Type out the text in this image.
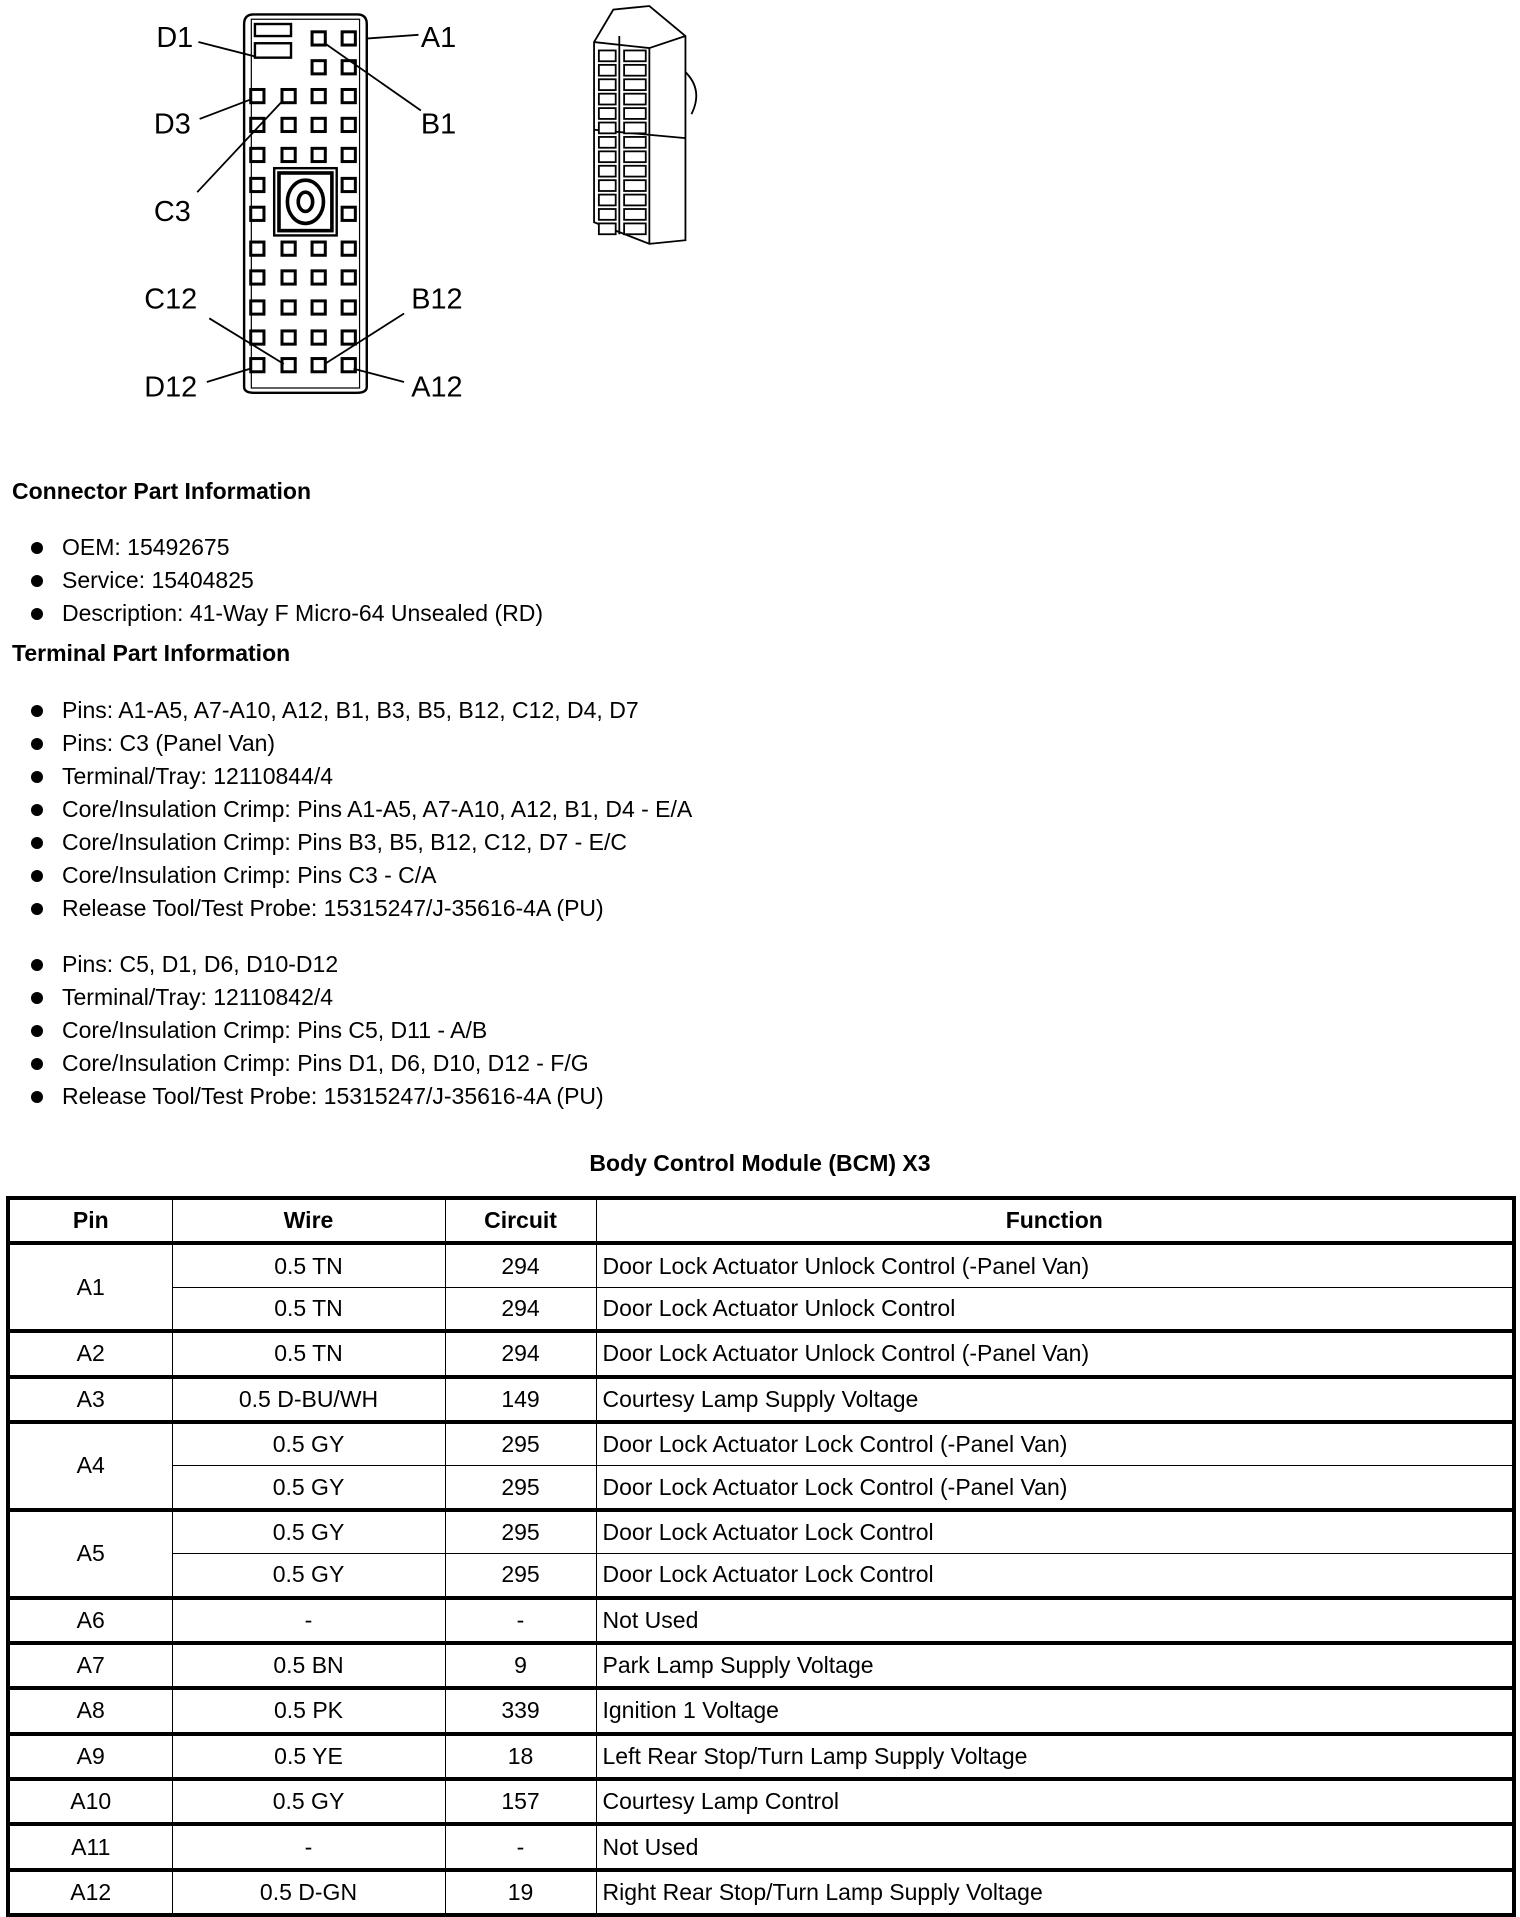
D1	A1
D3	B1
C3
C12	B12
D12	A12
Connector Part Information
OEM: 15492675
Service: 15404825
Description: 41-Way F Micro-64 Unsealed (RD)
Terminal Part Information
Pins: A1-A5, A7-A10, A12, B1, B3, B5, B12, C12, D4, D7
Pins: C3 (Panel Van)
Terminal/Tray: 12110844/4
Core/Insulation Crimp: Pins A1-A5, A7-A10, A12, B1, D4 - E/A
Core/Insulation Crimp: Pins B3, B5, B12, C12, D7 - E/C
Core/Insulation Crimp: Pins C3 - C/A
Release Tool/Test Probe: 15315247/J-35616-4A (PU)
Pins: C5, D1, D6, D10-D12
Terminal/Tray: 12110842/4
Core/Insulation Crimp: Pins C5, D11 - A/B
Core/Insulation Crimp: Pins D1, D6, D10, D12 - F/G
Release Tool/Test Probe: 15315247/J-35616-4A (PU)
Body Control Module (BCM) X3
Pin	Wire	Circuit	Function
A1	0.5 TN	294	Door Lock Actuator Unlock Control (-Panel Van)
	0.5 TN	294	Door Lock Actuator Unlock Control
A2	0.5 TN	294	Door Lock Actuator Unlock Control (-Panel Van)
A3	0.5 D-BU/WH	149	Courtesy Lamp Supply Voltage
A4	0.5 GY	295	Door Lock Actuator Lock Control (-Panel Van)
	0.5 GY	295	Door Lock Actuator Lock Control (-Panel Van)
A5	0.5 GY	295	Door Lock Actuator Lock Control
	0.5 GY	295	Door Lock Actuator Lock Control
A6	-	-	Not Used
A7	0.5 BN	9	Park Lamp Supply Voltage
A8	0.5 PK	339	Ignition 1 Voltage
A9	0.5 YE	18	Left Rear Stop/Turn Lamp Supply Voltage
A10	0.5 GY	157	Courtesy Lamp Control
A11	-	-	Not Used
A12	0.5 D-GN	19	Right Rear Stop/Turn Lamp Supply Voltage
